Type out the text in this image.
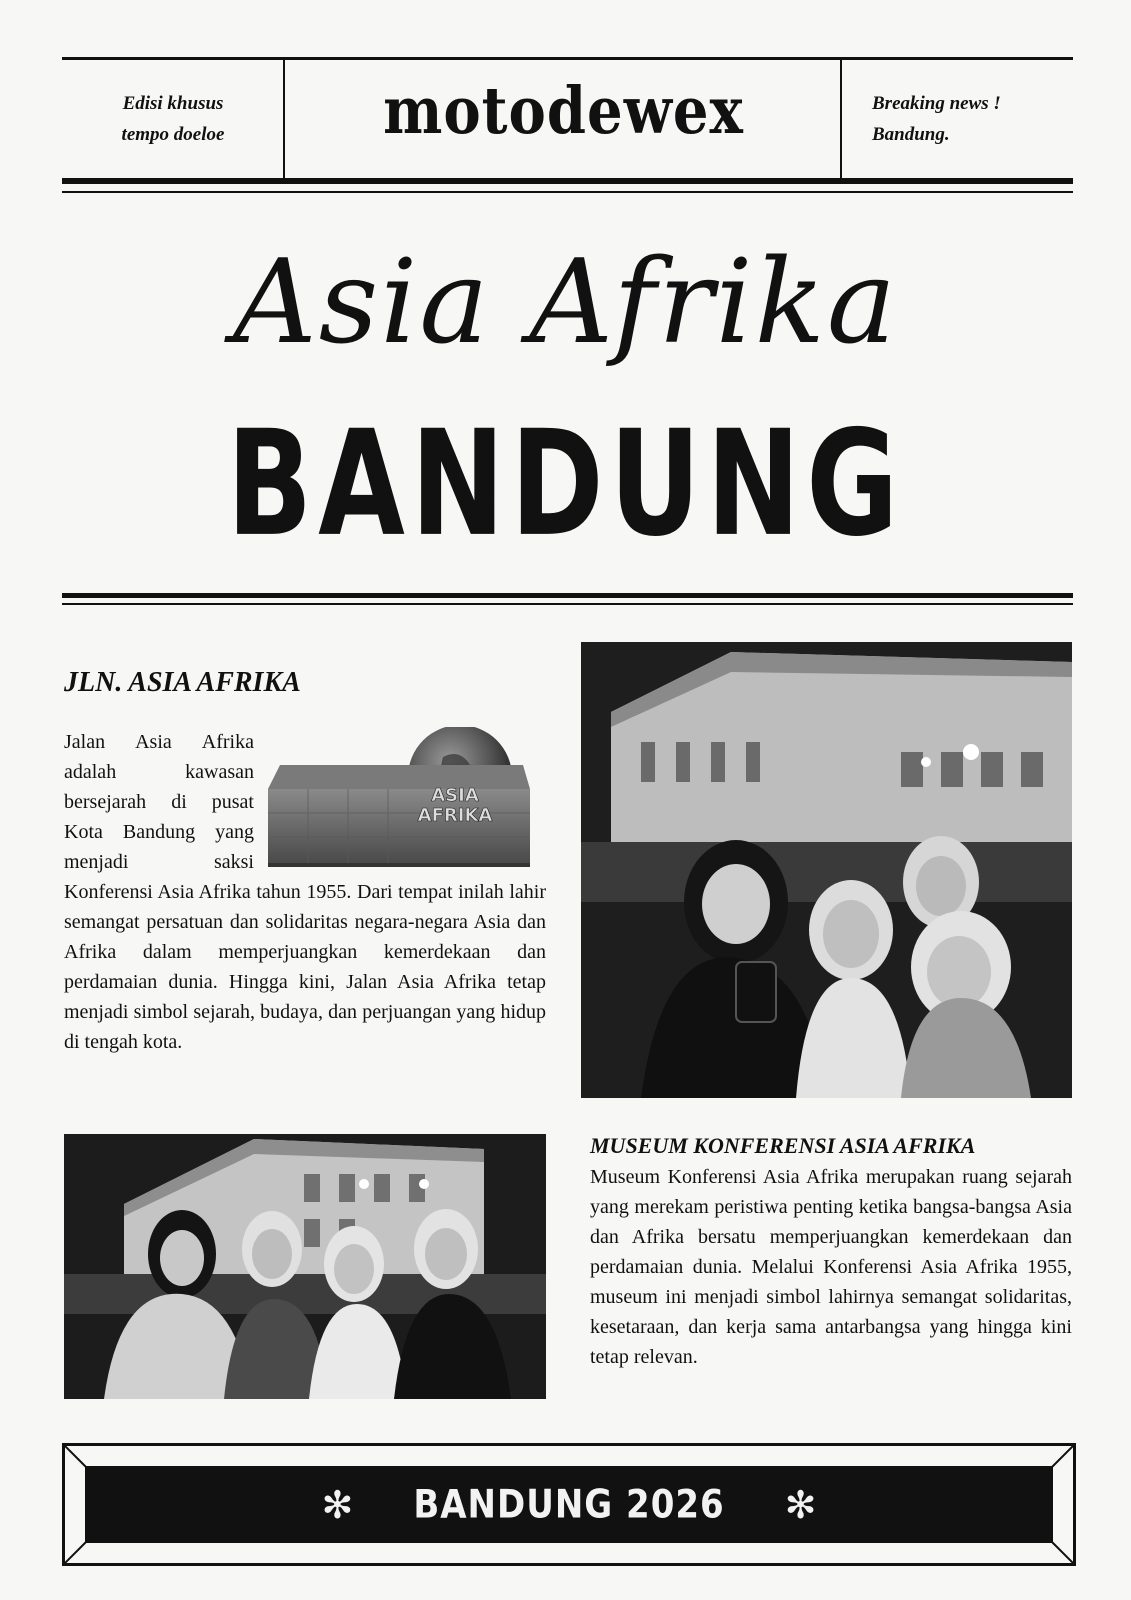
Edisi khusus
tempo doeloe	motodewex	Breaking news !
Bandung.
Asia Afrika
BANDUNG
JLN. ASIA AFRIKA
ASIA
AFRIKA

Jalan Asia Afrika adalah kawasan bersejarah di pusat Kota Bandung yang menjadi saksi Konferensi Asia Afrika tahun 1955. Dari tempat inilah lahir semangat persatuan dan solidaritas negara-negara Asia dan Afrika dalam memperjuangkan kemerdekaan dan perdamaian dunia. Hingga kini, Jalan Asia Afrika tetap menjadi simbol sejarah, budaya, dan perjuangan yang hidup di tengah kota.

MUSEUM KONFERENSI ASIA AFRIKA

Museum Konferensi Asia Afrika merupakan ruang sejarah yang merekam peristiwa penting ketika bangsa-bangsa Asia dan Afrika bersatu memperjuangkan kemerdekaan dan perdamaian dunia. Melalui Konferensi Asia Afrika 1955, museum ini menjadi simbol lahirnya semangat solidaritas, kesetaraan, dan kerja sama antarbangsa yang hingga kini tetap relevan.

✻ BANDUNG 2026 ✻
